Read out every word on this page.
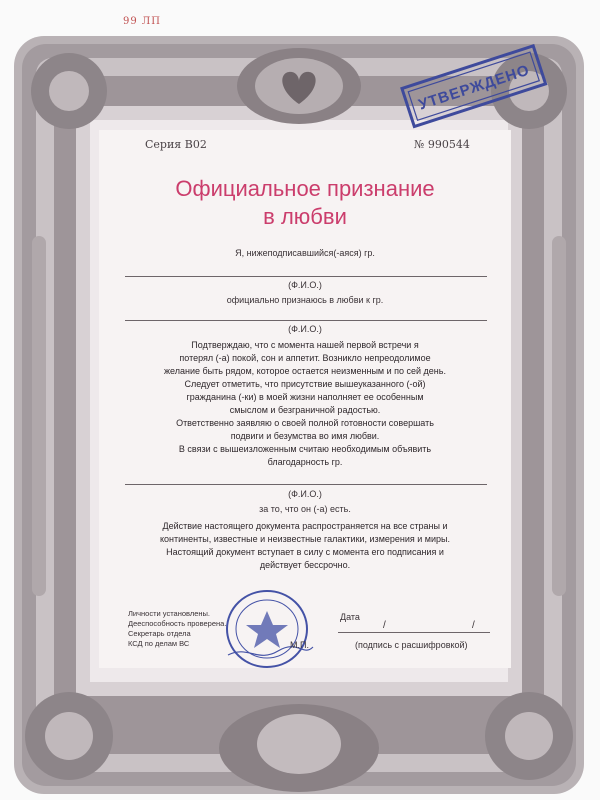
99 ЛП
УТВЕРЖДЕНО
Серия В02	№ 990544
Официальное признание
в любви
Я, нижеподписавшийся(-аяся) гр.
(Ф.И.О.)
официально признаюсь в любви к гр.
(Ф.И.О.)

Подтверждаю, что с момента нашей первой встречи я

потерял (-а) покой, сон и аппетит. Возникло непреодолимое

желание быть рядом, которое остается неизменным и по сей день.

Следует отметить, что присутствие вышеуказанного (-ой)

гражданина (-ки) в моей жизни наполняет ее особенным

смыслом и безграничной радостью.

Ответственно заявляю о своей полной готовности совершать

подвиги и безумства во имя любви.

В связи с вышеизложенным считаю необходимым объявить

благодарность гр.

(Ф.И.О.)
за то, что он (-а) есть.

Действие настоящего документа распространяется на все страны и

континенты, известные и неизвестные галактики, измерения и миры.

Настоящий документ вступает в силу с момента его подписания и

действует бессрочно.

Личности установлены.

Дееспособность проверена.

Секретарь отдела

КСД по делам ВС	М.П.
Дата
/	/
(подпись с расшифровкой)
